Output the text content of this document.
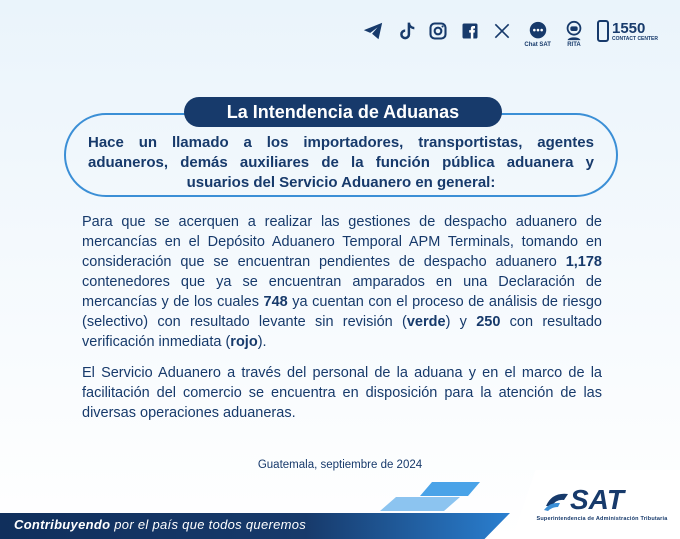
Chat SAT	RITA
1550
CONTACT CENTER
La Intendencia de Aduanas
Hace un llamado a los importadores, transportistas, agentes aduaneros, demás auxiliares de la función pública aduanera y usuarios del Servicio Aduanero en general:
Para que se acerquen a realizar las gestiones de despacho aduanero de mercancías en el Depósito Aduanero Temporal APM Terminals, tomando en consideración que se encuentran pendientes de despacho aduanero 1,178 contenedores que ya se encuentran amparados en una Declaración de mercancías y de los cuales 748 ya cuentan con el proceso de análisis de riesgo (selectivo) con resultado levante sin revisión (verde) y 250 con resultado verificación inmediata (rojo).
El Servicio Aduanero a través del personal de la aduana y en el marco de la facilitación del comercio se encuentra en disposición para la atención de las diversas operaciones aduaneras.
Guatemala, septiembre de 2024
Contribuyendo por el país que todos queremos
SAT
Superintendencia de Administración Tributaria
